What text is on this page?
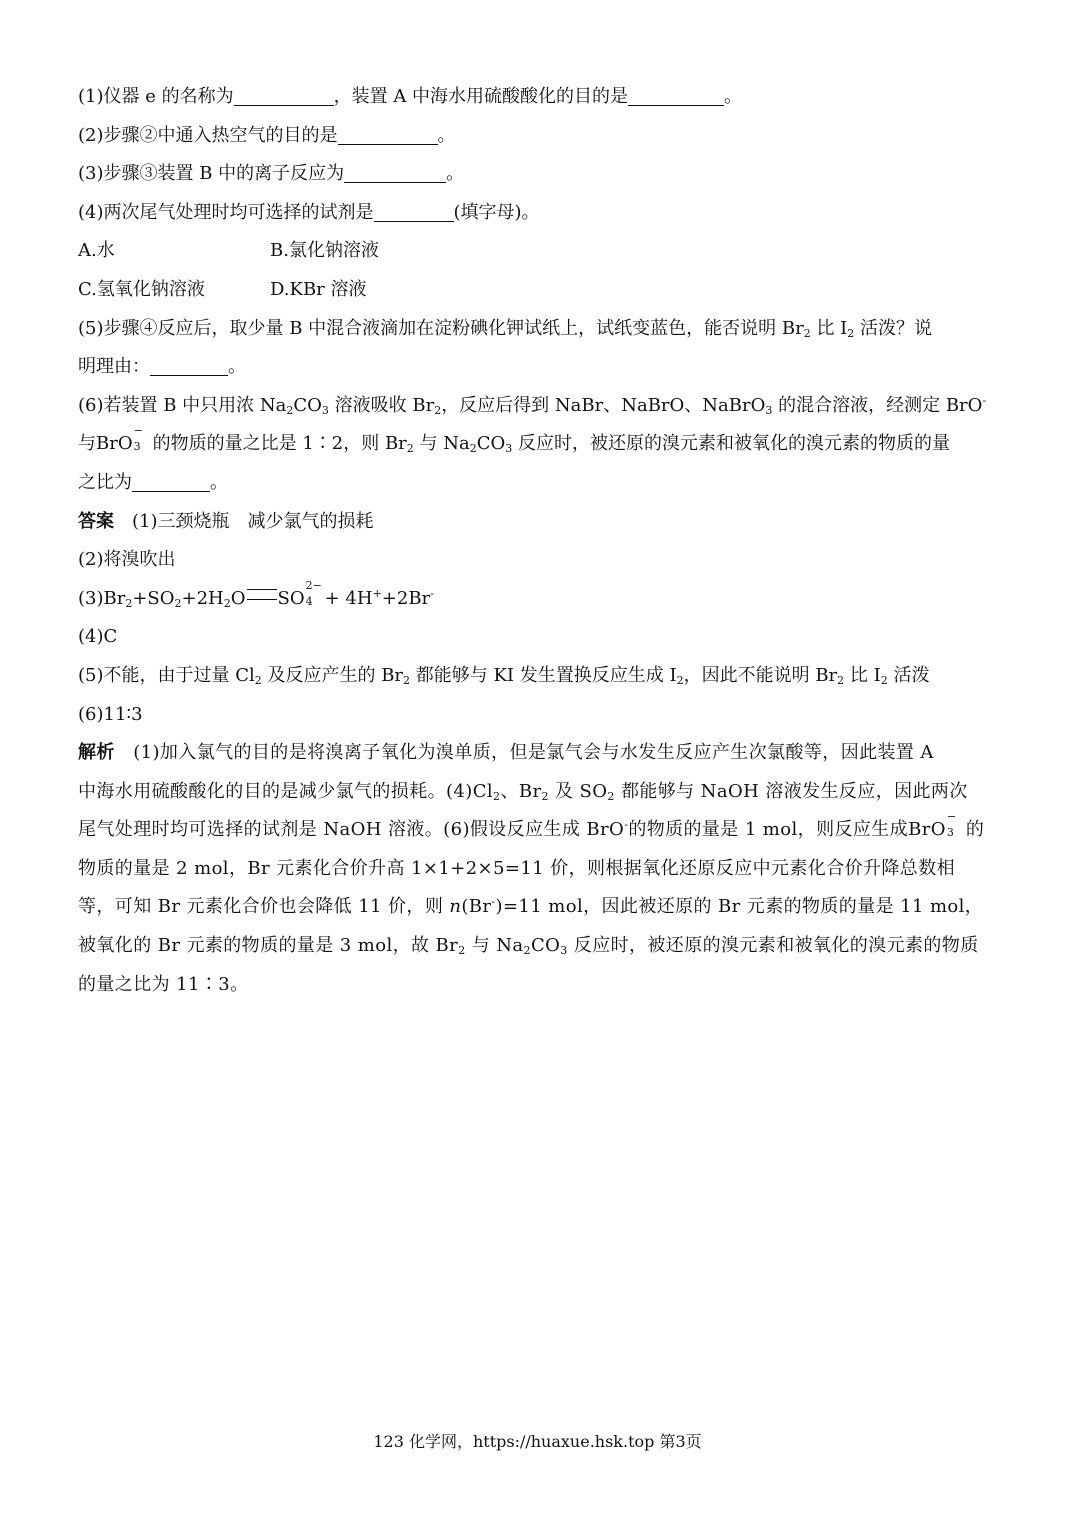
(1)仪器 e 的名称为	，装置 A 中海水用硫酸酸化的目的是	。
(2)步骤②中通入热空气的目的是	。
(3)步骤③装置 B 中的离子反应为	。
(4)两次尾气处理时均可选择的试剂是	(填字母)。
A.水	B.氯化钠溶液
C.氢氧化钠溶液	D.KBr 溶液
(5)步骤④反应后，取少量 B 中混合液滴加在淀粉碘化钾试纸上，试纸变蓝色，能否说明 $Br_2$ 比 $I_2$ 活泼？说
明理由：	。
(6)若装置 B 中只用浓 $Na_2CO_3$ 溶液吸收 $Br_2$，反应后得到 NaBr、NaBrO、NaBrO$_3$ 的混合溶液，经测定 BrO-
与BrO
−
3 的物质的量之比是 1∶2，则 $Br_2$ 与 $Na_2CO_3$ 反应时，被还原的溴元素和被氧化的溴元素的物质的量
之比为	。
答案　 (1)三颈烧瓶　减少氯气的损耗
(2)将溴吹出
$(3)Br_2+SO_2+2H_2O$ SO
2−
4 + 4H++2Br-
(4)C
(5)不能，由于过量 $Cl_2$ 及反应产生的 $Br_2$ 都能够与 KI 发生置换反应生成 $I_2$，因此不能说明 $Br_2$ 比 $I_2$ 活泼
(6)11∶3
解析　(1)加入氯气的目的是将溴离子氧化为溴单质，但是氯气会与水发生反应产生次氯酸等，因此装置 A
中海水用硫酸酸化的目的是减少氯气的损耗。$(4)Cl_2$、$Br_2$ 及 $SO_2$ 都能够与 NaOH 溶液发生反应，因此两次
尾气处理时均可选择的试剂是 NaOH 溶液。(6)假设反应生成 BrO-的物质的量是 1 mol，则反应生成BrO
−
3 的
物质的量是 2 mol，Br 元素化合价升高 1×1+2×5=11 价，则根据氧化还原反应中元素化合价升降总数相
等，可知 Br 元素化合价也会降低 11 价，则 n(Br-)=11 mol，因此被还原的 Br 元素的物质的量是 11 mol，
被氧化的 Br 元素的物质的量是 3 mol，故 $Br_2$ 与 $Na_2CO_3$ 反应时，被还原的溴元素和被氧化的溴元素的物质
的量之比为 11∶3。
123 化学网，https://huaxue.hsk.top 第3页
